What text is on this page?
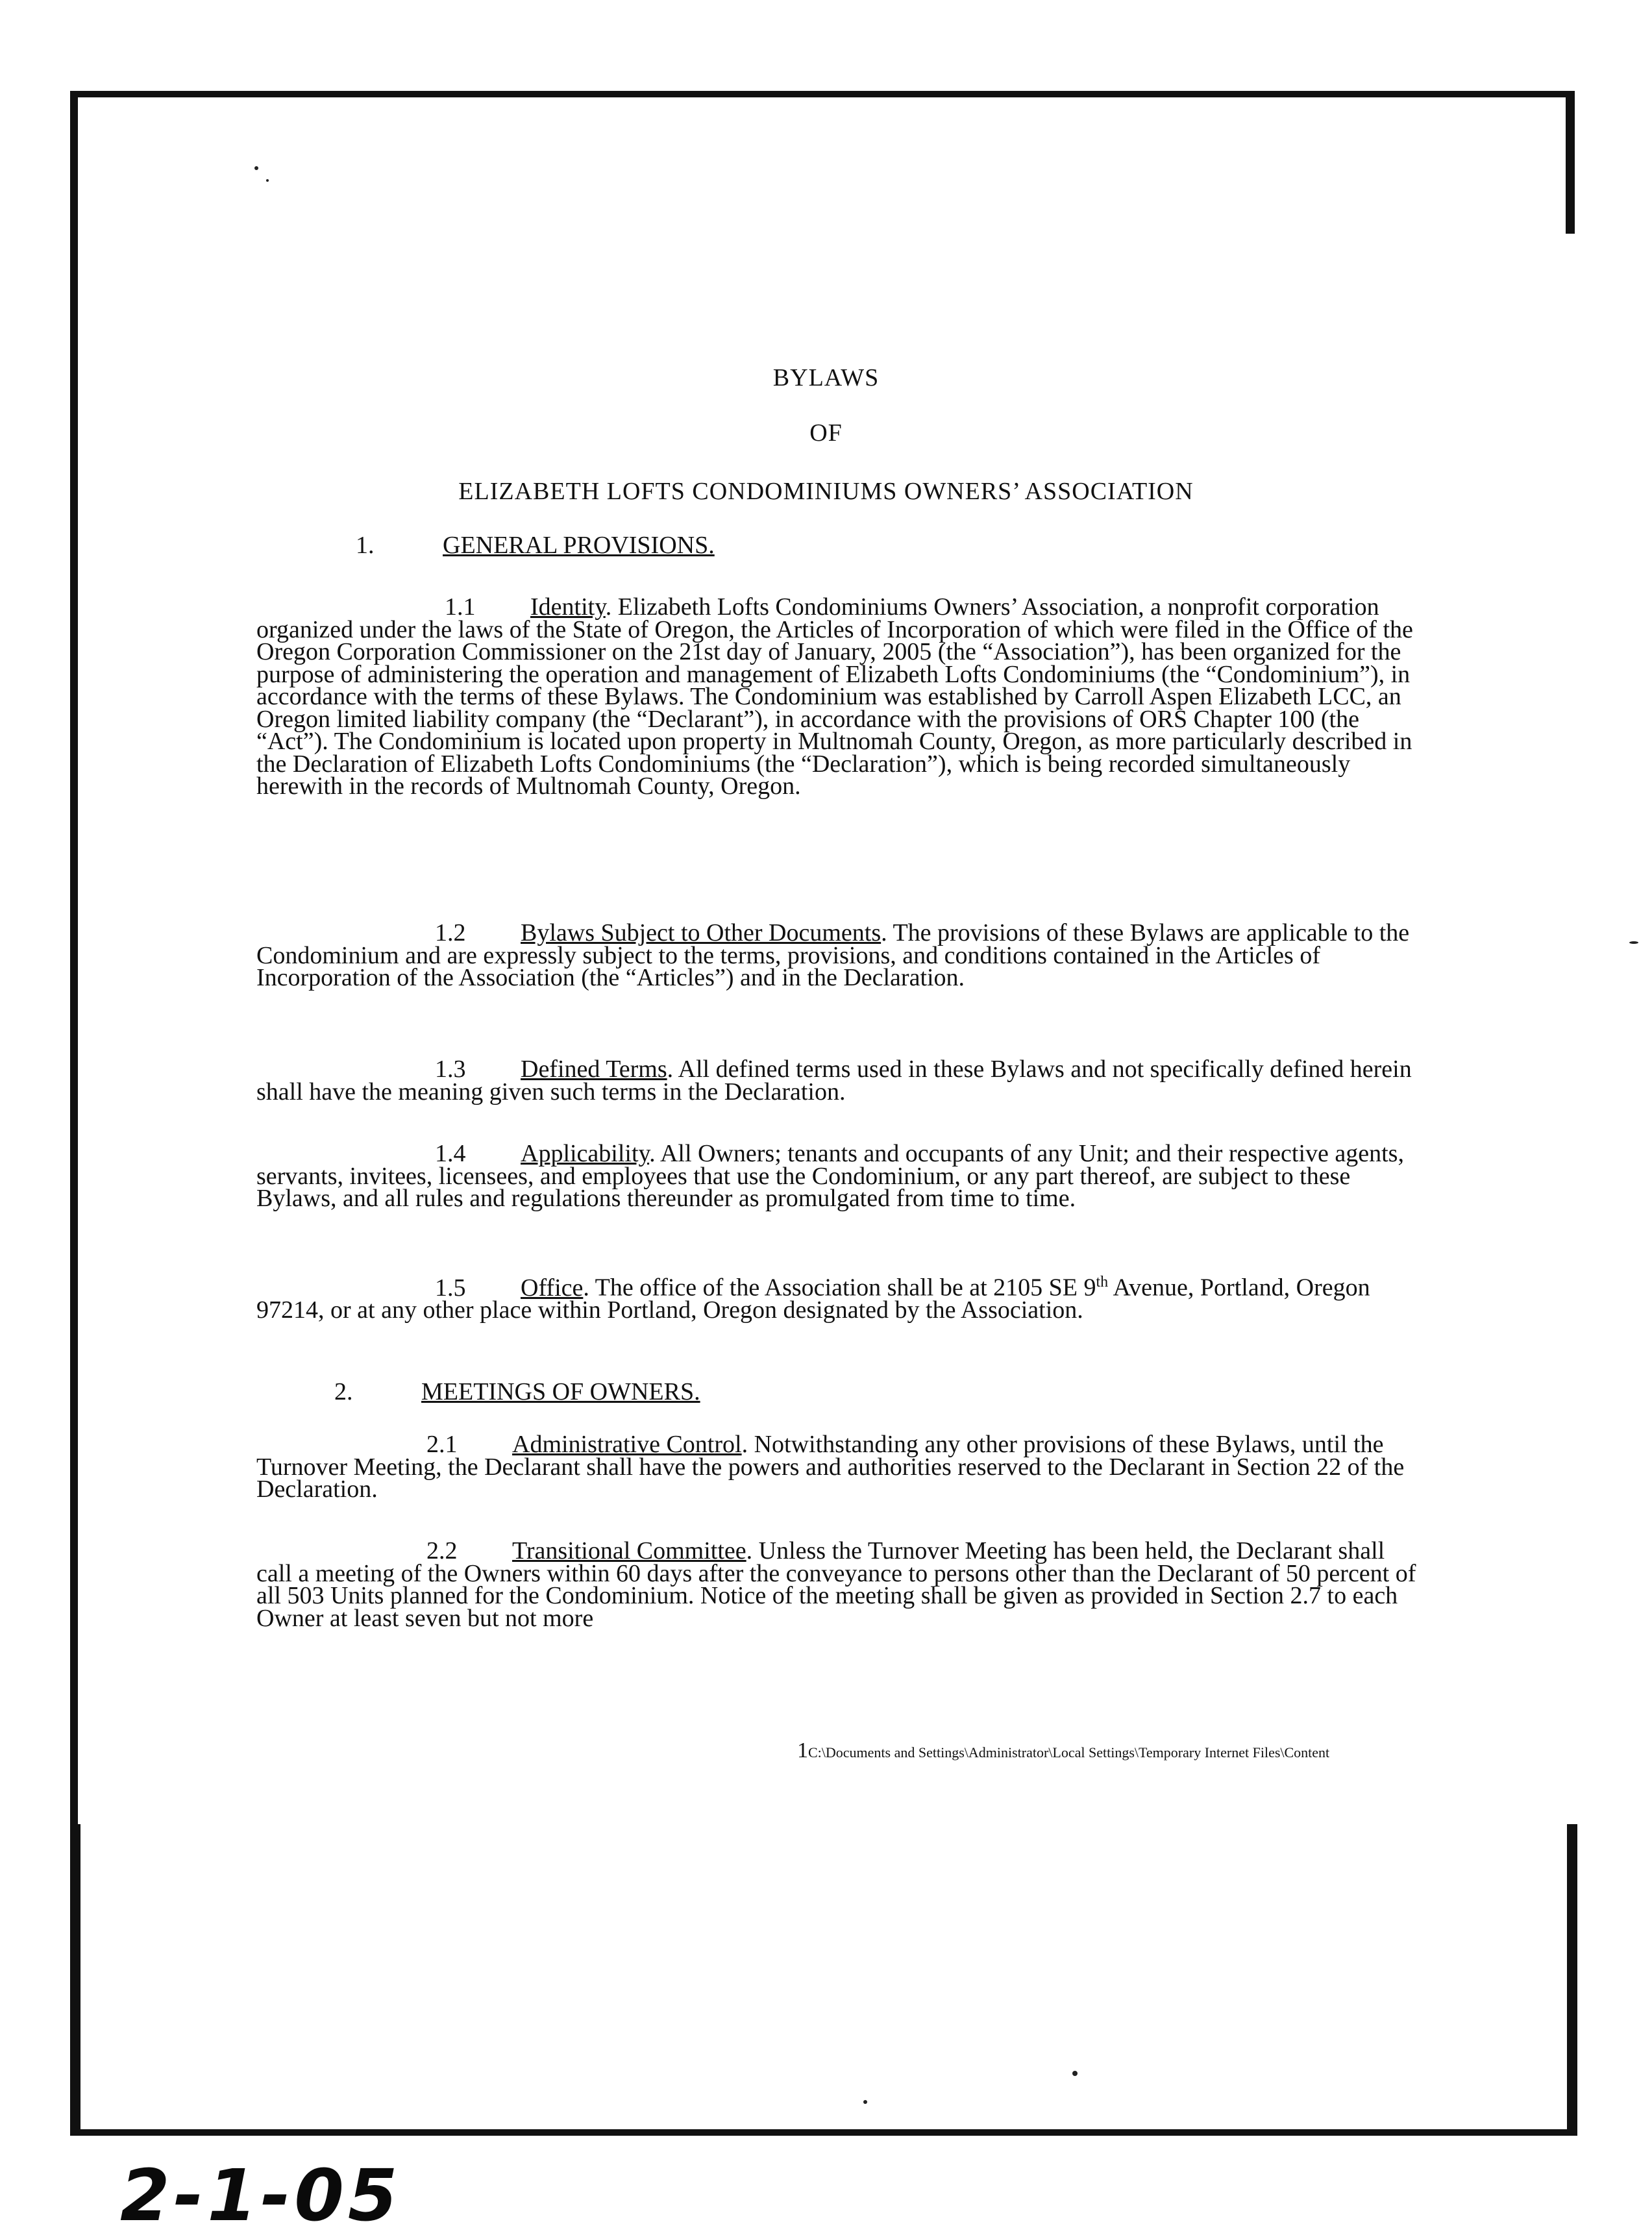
BYLAWS
OF
ELIZABETH LOFTS CONDOMINIUMS OWNERS’ ASSOCIATION
1.	GENERAL PROVISIONS.

1.1 Identity. Elizabeth Lofts Condominiums Owners’ Association, a nonprofit corporation organized under the laws of the State of Oregon, the Articles of Incorporation of which were filed in the Office of the Oregon Corporation Commissioner on the 21st day of January, 2005 (the “Association”), has been organized for the purpose of administering the operation and management of Elizabeth Lofts Condominiums (the “Condominium”), in accordance with the terms of these Bylaws. The Condominium was established by Carroll Aspen Elizabeth LCC, an Oregon limited liability company (the “Declarant”), in accordance with the provisions of ORS Chapter 100 (the “Act”). The Condominium is located upon property in Multnomah County, Oregon, as more particularly described in the Declaration of Elizabeth Lofts Condominiums (the “Declaration”), which is being recorded simultaneously herewith in the records of Multnomah County, Oregon.

1.2 Bylaws Subject to Other Documents. The provisions of these Bylaws are applicable to the Condominium and are expressly subject to the terms, provisions, and conditions contained in the Articles of Incorporation of the Association (the “Articles”) and in the Declaration.

1.3 Defined Terms. All defined terms used in these Bylaws and not specifically defined herein shall have the meaning given such terms in the Declaration.

1.4 Applicability. All Owners; tenants and occupants of any Unit; and their respective agents, servants, invitees, licensees, and employees that use the Condominium, or any part thereof, are subject to these Bylaws, and all rules and regulations thereunder as promulgated from time to time.

1.5 Office. The office of the Association shall be at 2105 SE 9th Avenue, Portland, Oregon 97214, or at any other place within Portland, Oregon designated by the Association.

2.	MEETINGS OF OWNERS.

2.1 Administrative Control. Notwithstanding any other provisions of these Bylaws, until the Turnover Meeting, the Declarant shall have the powers and authorities reserved to the Declarant in Section 22 of the Declaration.

2.2 Transitional Committee. Unless the Turnover Meeting has been held, the Declarant shall call a meeting of the Owners within 60 days after the conveyance to persons other than the Declarant of 50 percent of all 503 Units planned for the Condominium. Notice of the meeting shall be given as provided in Section 2.7 to each Owner at least seven but not more

1C:\Documents and Settings\Administrator\Local Settings\Temporary Internet Files\Content
2-1-05
